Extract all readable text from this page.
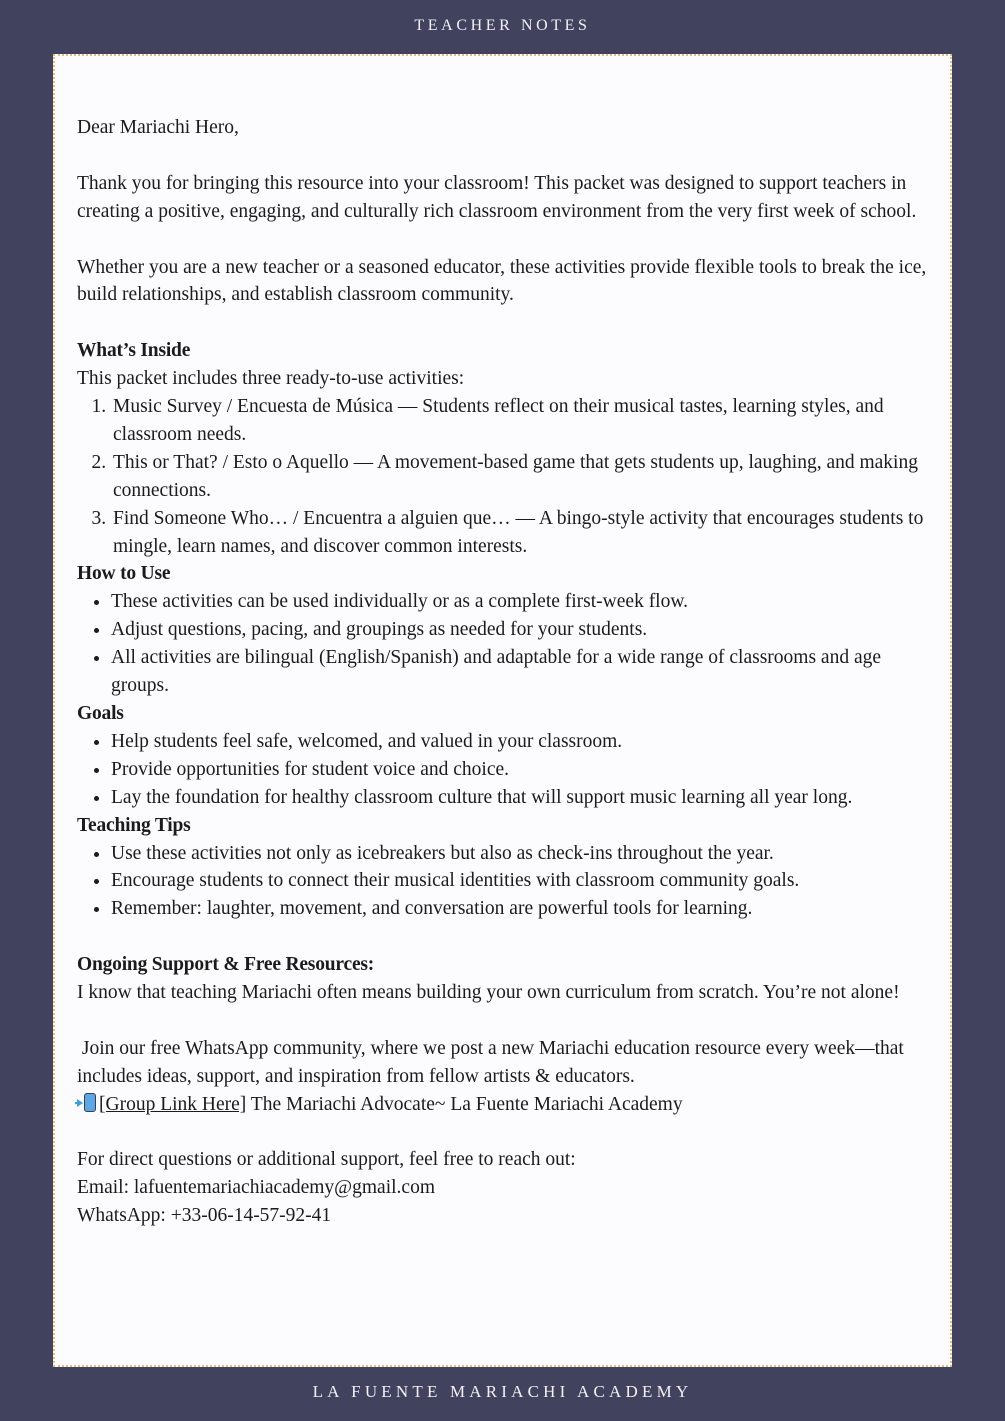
TEACHER NOTES

Dear Mariachi Hero,

Thank you for bringing this resource into your classroom! This packet was designed to support teachers in creating a positive, engaging, and culturally rich classroom environment from the very first week of school.

Whether you are a new teacher or a seasoned educator, these activities provide flexible tools to break the ice, build relationships, and establish classroom community.

What’s Inside

This packet includes three ready-to-use activities:

1. Music Survey / Encuesta de Música — Students reflect on their musical tastes, learning styles, and classroom needs.
2. This or That? / Esto o Aquello — A movement-based game that gets students up, laughing, and making connections.
3. Find Someone Who… / Encuentra a alguien que… — A bingo-style activity that encourages students to mingle, learn names, and discover common interests.

How to Use

• These activities can be used individually or as a complete first-week flow.
• Adjust questions, pacing, and groupings as needed for your students.
• All activities are bilingual (English/Spanish) and adaptable for a wide range of classrooms and age groups.

Goals

• Help students feel safe, welcomed, and valued in your classroom.
• Provide opportunities for student voice and choice.
• Lay the foundation for healthy classroom culture that will support music learning all year long.

Teaching Tips

• Use these activities not only as icebreakers but also as check-ins throughout the year.
• Encourage students to connect their musical identities with classroom community goals.
• Remember: laughter, movement, and conversation are powerful tools for learning.

Ongoing Support & Free Resources:

I know that teaching Mariachi often means building your own curriculum from scratch. You’re not alone!

Join our free WhatsApp community, where we post a new Mariachi education resource every week—that includes ideas, support, and inspiration from fellow artists & educators.

[Group Link Here] The Mariachi Advocate~ La Fuente Mariachi Academy

For direct questions or additional support, feel free to reach out:

Email: lafuentemariachiacademy@gmail.com

WhatsApp: +33-06-14-57-92-41

LA FUENTE MARIACHI ACADEMY
